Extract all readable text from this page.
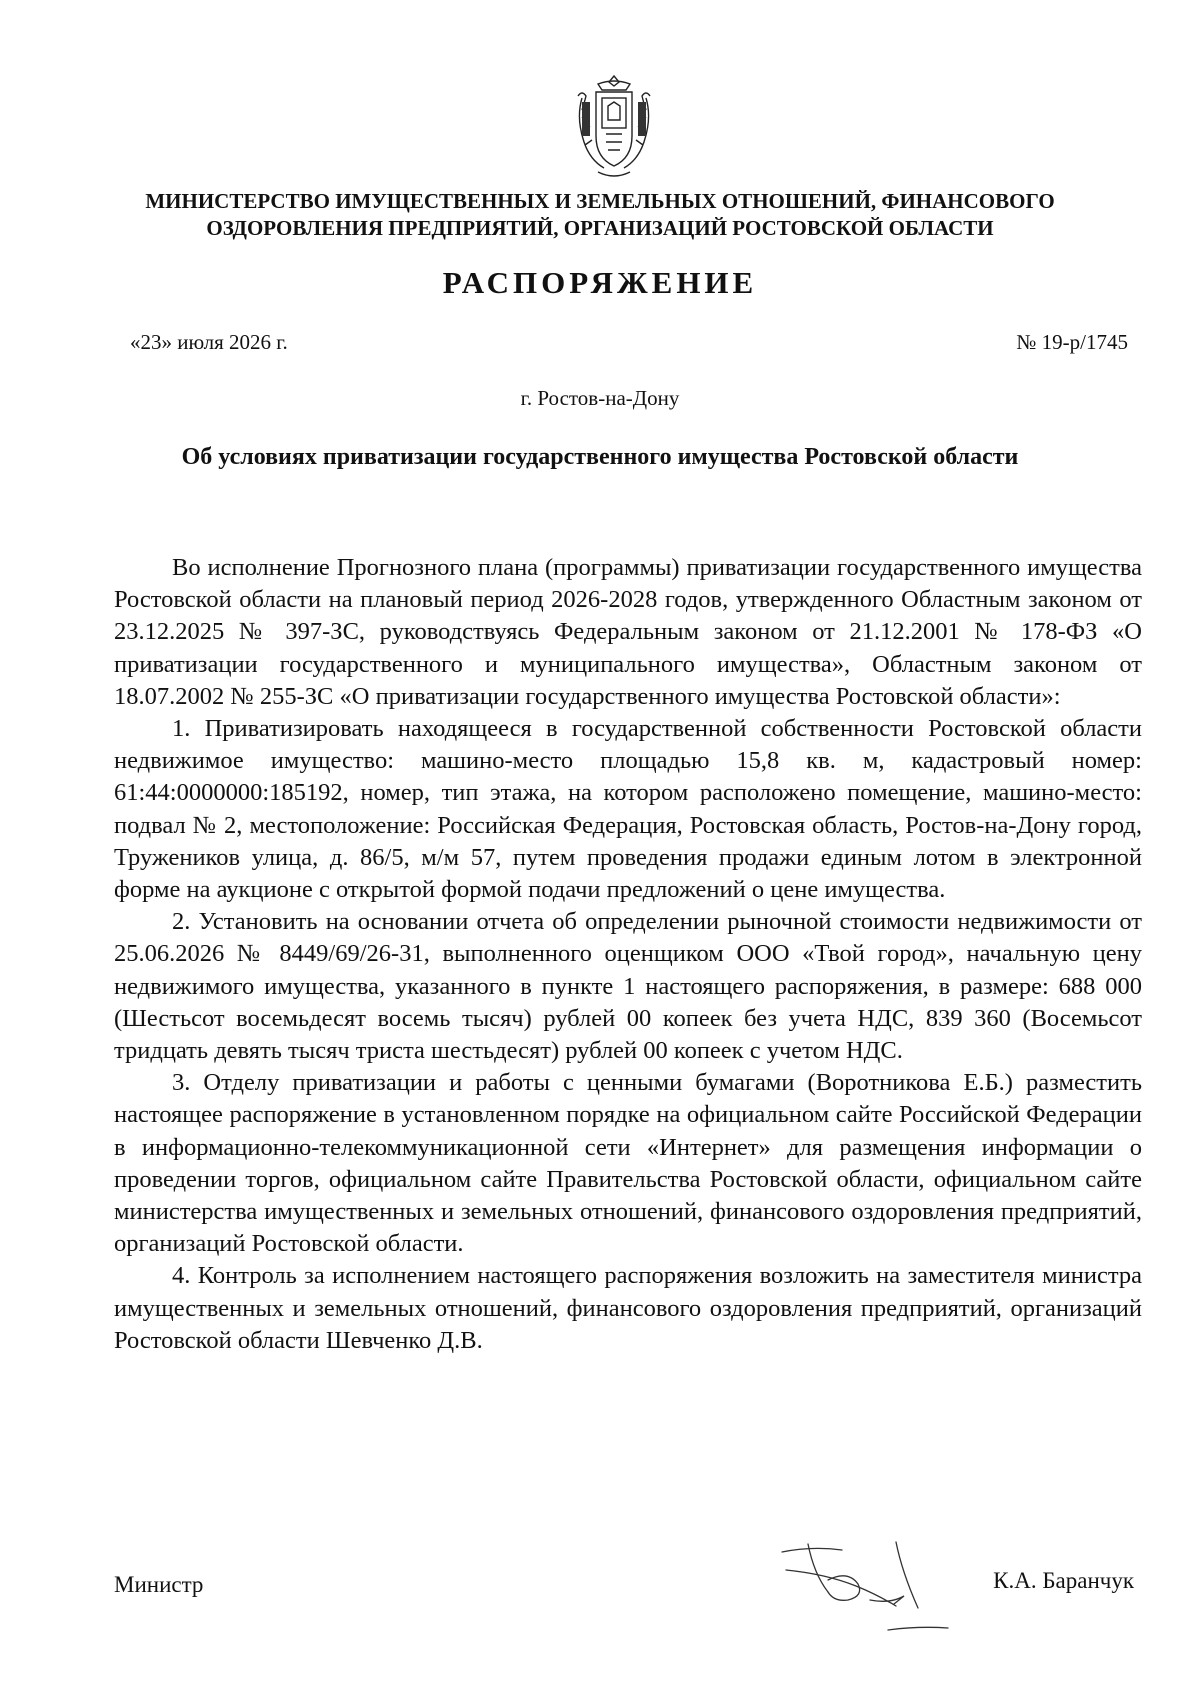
МИНИСТЕРСТВО ИМУЩЕСТВЕННЫХ И ЗЕМЕЛЬНЫХ ОТНОШЕНИЙ, ФИНАНСОВОГО ОЗДОРОВЛЕНИЯ ПРЕДПРИЯТИЙ, ОРГАНИЗАЦИЙ РОСТОВСКОЙ ОБЛАСТИ
РАСПОРЯЖЕНИЕ
«23» июля 2026 г.	№ 19-р/1745
г. Ростов-на-Дону
Об условиях приватизации государственного имущества Ростовской области

Во исполнение Прогнозного плана (программы) приватизации государственного имущества Ростовской области на плановый период 2026-2028 годов, утвержденного Областным законом от 23.12.2025 № 397-ЗС, руководствуясь Федеральным законом от 21.12.2001 № 178-ФЗ «О приватизации государственного и муниципального имущества», Областным законом от 18.07.2002 № 255-ЗС «О приватизации государственного имущества Ростовской области»:

1. Приватизировать находящееся в государственной собственности Ростовской области недвижимое имущество: машино-место площадью 15,8 кв. м, кадастровый номер: 61:44:0000000:185192, номер, тип этажа, на котором расположено помещение, машино-место: подвал № 2, местоположение: Российская Федерация, Ростовская область, Ростов-на-Дону город, Тружеников улица, д. 86/5, м/м 57, путем проведения продажи единым лотом в электронной форме на аукционе с открытой формой подачи предложений о цене имущества.

2. Установить на основании отчета об определении рыночной стоимости недвижимости от 25.06.2026 № 8449/69/26-31, выполненного оценщиком ООО «Твой город», начальную цену недвижимого имущества, указанного в пункте 1 настоящего распоряжения, в размере: 688 000 (Шестьсот восемьдесят восемь тысяч) рублей 00 копеек без учета НДС, 839 360 (Восемьсот тридцать девять тысяч триста шестьдесят) рублей 00 копеек с учетом НДС.

3. Отделу приватизации и работы с ценными бумагами (Воротникова Е.Б.) разместить настоящее распоряжение в установленном порядке на официальном сайте Российской Федерации в информационно-телекоммуникационной сети «Интернет» для размещения информации о проведении торгов, официальном сайте Правительства Ростовской области, официальном сайте министерства имущественных и земельных отношений, финансового оздоровления предприятий, организаций Ростовской области.

4. Контроль за исполнением настоящего распоряжения возложить на заместителя министра имущественных и земельных отношений, финансового оздоровления предприятий, организаций Ростовской области Шевченко Д.В.

Министр	К.А. Баранчук
